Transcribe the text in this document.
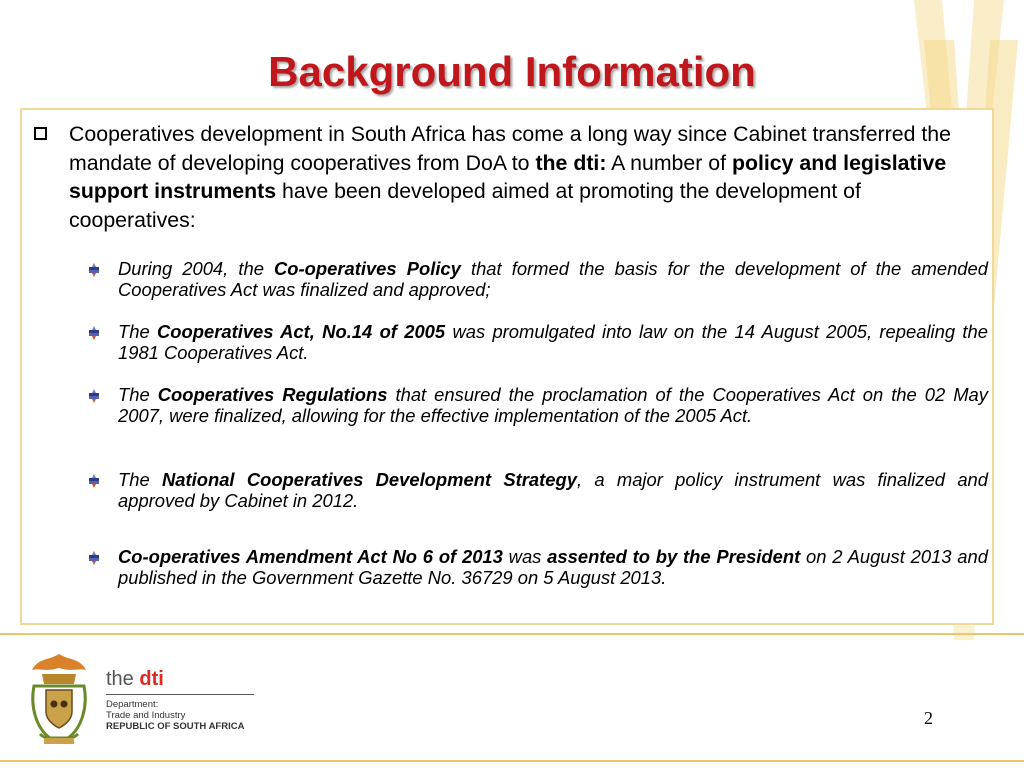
Background Information
Cooperatives development in South Africa has come a long way since Cabinet transferred the mandate of developing cooperatives from DoA to the dti: A number of policy and legislative support instruments have been developed aimed at promoting the development of cooperatives:
During 2004, the Co-operatives Policy that formed the basis for the development of the amended Cooperatives Act was finalized and approved;
The Cooperatives Act, No.14 of 2005 was promulgated into law on the 14 August 2005, repealing the 1981 Cooperatives Act.
The Cooperatives Regulations that ensured the proclamation of the Cooperatives Act on the 02 May 2007, were finalized, allowing for the effective implementation of the 2005 Act.
The National Cooperatives Development Strategy, a major policy instrument was finalized and approved by Cabinet in 2012.
Co-operatives Amendment Act No 6 of 2013 was assented to by the President on 2 August 2013 and published in the Government Gazette No. 36729 on 5 August 2013.
the dti
Department:
Trade and Industry
REPUBLIC OF SOUTH AFRICA	2
